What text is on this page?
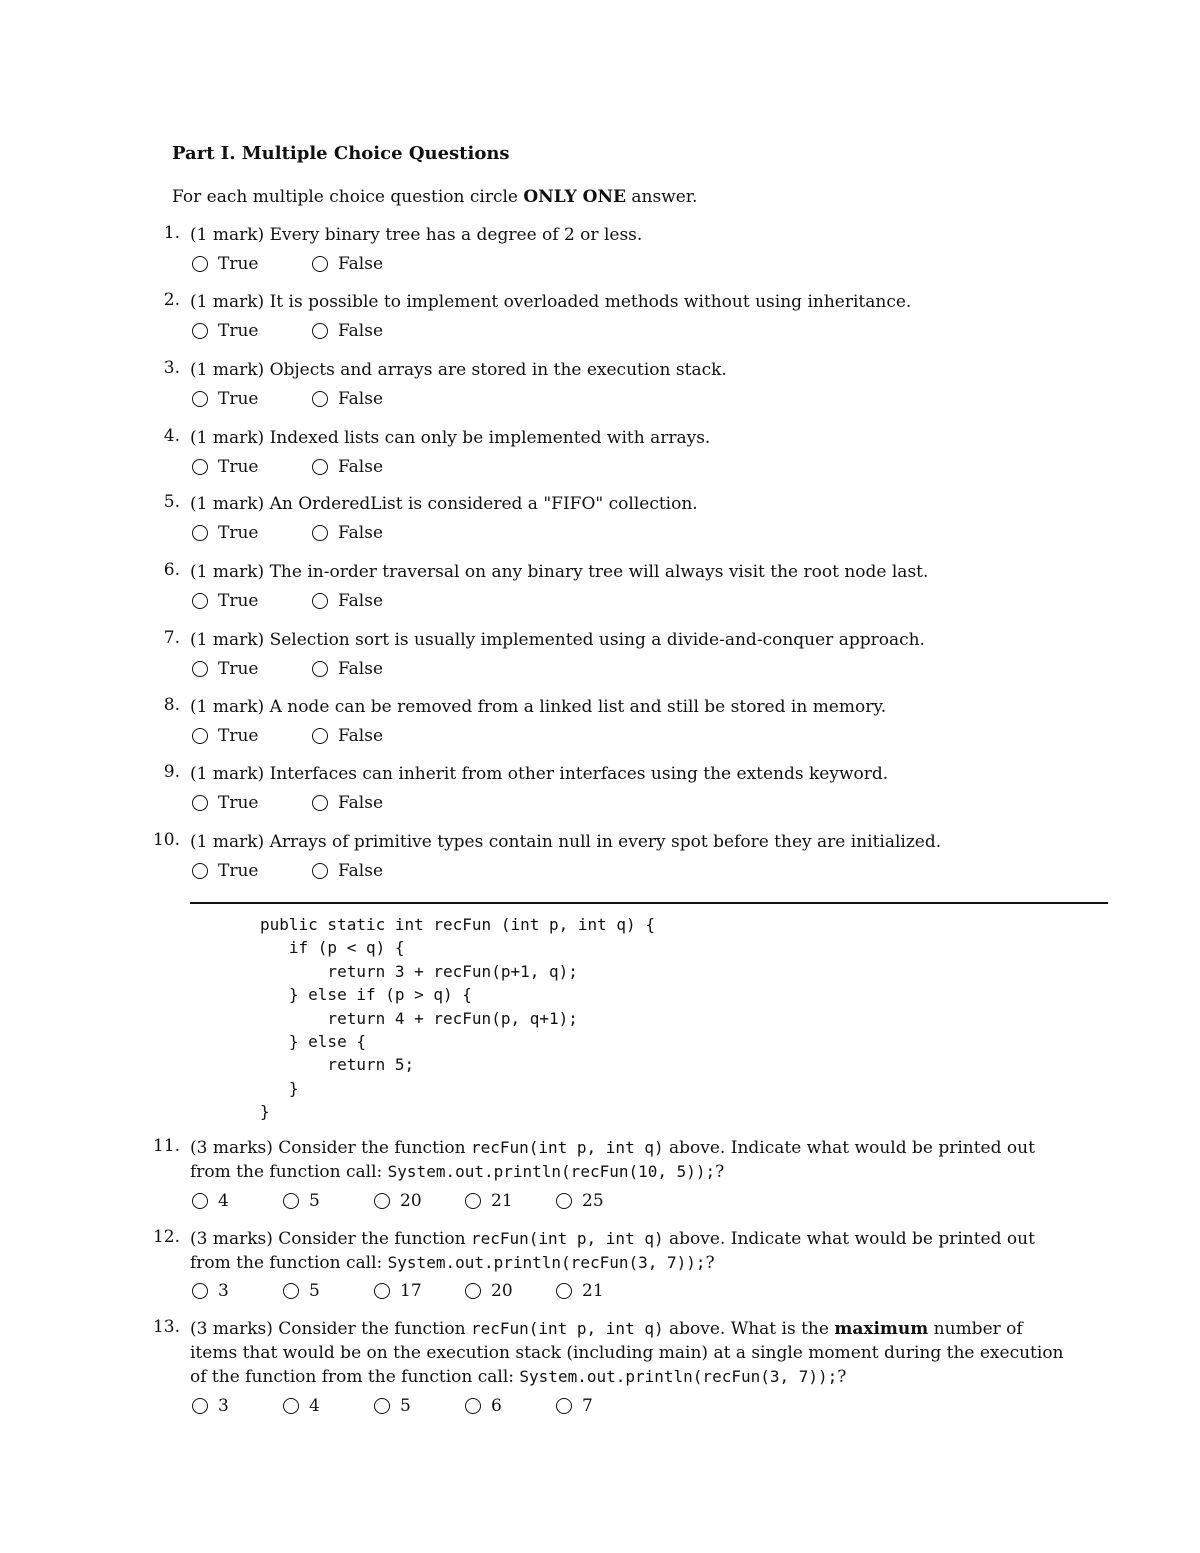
Part I. Multiple Choice Questions
For each multiple choice question circle ONLY ONE answer.
1. (1 mark) Every binary tree has a degree of 2 or less.
True	False
2. (1 mark) It is possible to implement overloaded methods without using inheritance.
True	False
3. (1 mark) Objects and arrays are stored in the execution stack.
True	False
4. (1 mark) Indexed lists can only be implemented with arrays.
True	False
5. (1 mark) An OrderedList is considered a "FIFO" collection.
True	False
6. (1 mark) The in-order traversal on any binary tree will always visit the root node last.
True	False
7. (1 mark) Selection sort is usually implemented using a divide-and-conquer approach.
True	False
8. (1 mark) A node can be removed from a linked list and still be stored in memory.
True	False
9. (1 mark) Interfaces can inherit from other interfaces using the extends keyword.
True	False
10. (1 mark) Arrays of primitive types contain null in every spot before they are initialized.
True	False
public static int recFun (int p, int q) {
if (p < q) {
return 3 + recFun(p+1, q);
} else if (p > q) {
return 4 + recFun(p, q+1);
} else {
return 5;
}
}
11. (3 marks) Consider the function recFun(int p, int q) above. Indicate what would be printed out from the function call: System.out.println(recFun(10, 5));?
4	5	20	21	25
12. (3 marks) Consider the function recFun(int p, int q) above. Indicate what would be printed out from the function call: System.out.println(recFun(3, 7));?
3	5	17	20	21
13. (3 marks) Consider the function recFun(int p, int q) above. What is the maximum number of items that would be on the execution stack (including main) at a single moment during the execution of the function from the function call: System.out.println(recFun(3, 7));?
3	4	5	6	7
